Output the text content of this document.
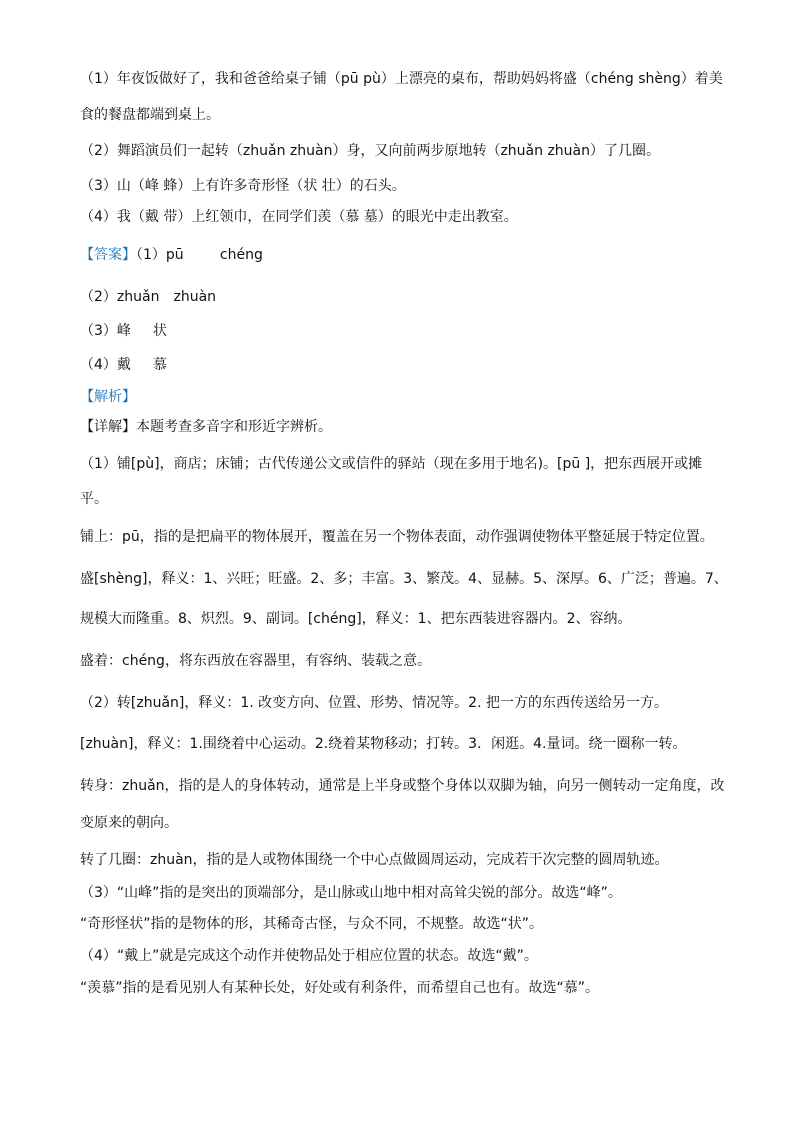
（1）年夜饭做好了，我和爸爸给桌子铺（pū pù）上漂亮的桌布，帮助妈妈将盛（chéng shèng）着美
食的餐盘都端到桌上。
（2）舞蹈演员们一起转（zhuǎn zhuàn）身，又向前两步原地转（zhuǎn zhuàn）了几圈。
（3）山（峰 蜂）上有许多奇形怪（状 壮）的石头。
（4）我（戴 带）上红领巾，在同学们羡（慕 墓）的眼光中走出教室。
【答案】（1）pū	chéng
（2）zhuǎn zhuàn
（3）峰 状
（4）戴 慕
【解析】
【详解】本题考查多音字和形近字辨析。
（1）铺[pù]，商店；床铺；古代传递公文或信件的驿站（现在多用于地名)。[pū ]，把东西展开或摊
平。
铺上：pū，指的是把扁平的物体展开，覆盖在另一个物体表面，动作强调使物体平整延展于特定位置。
盛[shèng]，释义：1、兴旺；旺盛。2、多；丰富。3、繁茂。4、显赫。5、深厚。6、广泛；普遍。7、
规模大而隆重。8、炽烈。9、副词。[chéng]，释义：1、把东西装进容器内。2、容纳。
盛着：chéng，将东西放在容器里，有容纳、装载之意。
（2）转[zhuǎn]，释义：1. 改变方向、位置、形势、情况等。2. 把一方的东西传送给另一方。
[zhuàn]，释义：1.围绕着中心运动。2.绕着某物移动；打转。3．闲逛。4.量词。绕一圈称一转。
转身：zhuǎn，指的是人的身体转动，通常是上半身或整个身体以双脚为轴，向另一侧转动一定角度，改
变原来的朝向。
转了几圈：zhuàn，指的是人或物体围绕一个中心点做圆周运动，完成若干次完整的圆周轨迹。
（3）“山峰”指的是突出的顶端部分，是山脉或山地中相对高耸尖锐的部分。故选“峰”。
“奇形怪状”指的是物体的形，其稀奇古怪，与众不同，不规整。故选“状”。
（4）“戴上”就是完成这个动作并使物品处于相应位置的状态。故选“戴”。
“羡慕”指的是看见别人有某种长处，好处或有利条件，而希望自己也有。故选“慕”。
